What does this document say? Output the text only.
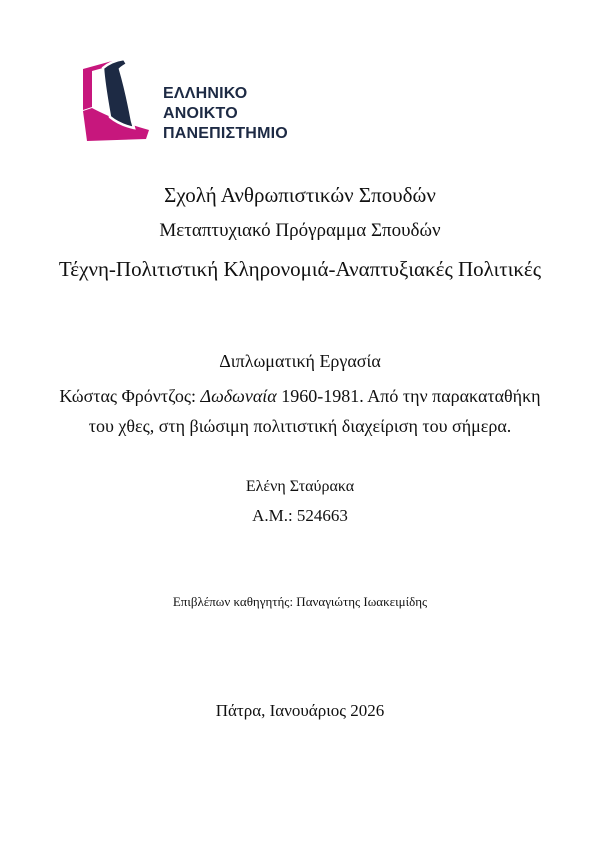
ΕΛΛΗΝΙΚΟ
ΑΝΟΙΚΤΟ
ΠΑΝΕΠΙΣΤΗΜΙΟ
Σχολή Ανθρωπιστικών Σπουδών
Μεταπτυχιακό Πρόγραμμα Σπουδών
Τέχνη-Πολιτιστική Κληρονομιά-Αναπτυξιακές Πολιτικές
Διπλωματική Εργασία
Κώστας Φρόντζος: Δωδωναία 1960-1981. Από την παρακαταθήκη
του χθες, στη βιώσιμη πολιτιστική διαχείριση του σήμερα.
Ελένη Σταύρακα
Α.Μ.: 524663
Επιβλέπων καθηγητής: Παναγιώτης Ιωακειμίδης
Πάτρα, Ιανουάριος 2026
